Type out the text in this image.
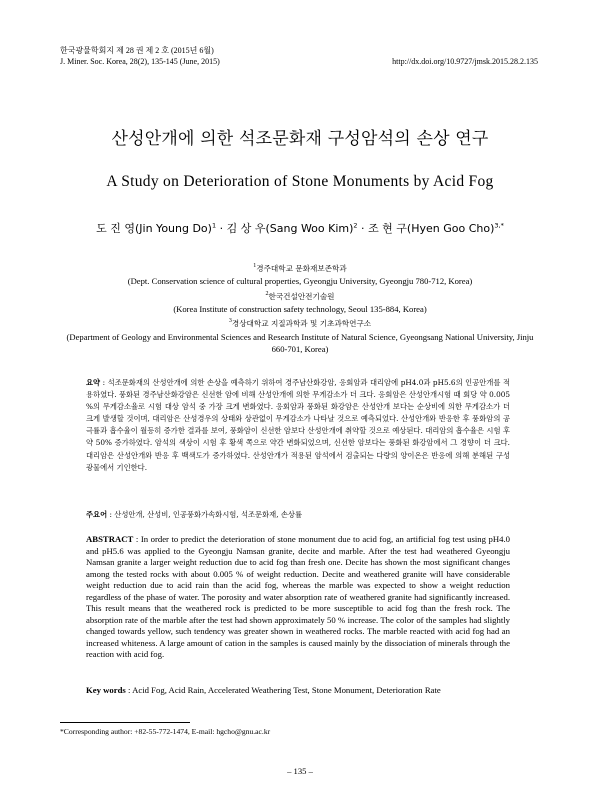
한국광물학회지 제 28 권 제 2 호 (2015년 6월)
J. Miner. Soc. Korea, 28(2), 135-145 (June, 2015)	http://dx.doi.org/10.9727/jmsk.2015.28.2.135
산성안개에 의한 석조문화재 구성암석의 손상 연구
A Study on Deterioration of Stone Monuments by Acid Fog
도 진 영(Jin Young Do)$^1$ · 김 상 우(Sang Woo Kim)$^2$ · 조 현 구(Hyen Goo Cho)$^{3,*}$
$^1$경주대학교 문화재보존학과
(Dept. Conservation science of cultural properties, Gyeongju University, Gyeongju 780-712, Korea)
$^2$한국건설안전기술원
(Korea Institute of construction safety technology, Seoul 135-884, Korea)
$^3$경상대학교 지질과학과 및 기초과학연구소
(Department of Geology and Environmental Sciences and Research Institute of Natural Science, Gyeongsang National University, Jinju 660-701, Korea)
요약 : 석조문화재의 산성안개에 의한 손상을 예측하기 위하여 경주남산화강암, 응회암과 대리암에 pH4.0과 pH5.6의 인공안개를 적용하였다. 풍화된 경주남산화강암은 신선한 암에 비해 산성안개에 의한 무게감소가 더 크다. 응회암은 산성안개시험 때 회당 약 0.005 %의 무게감소율로 시험 대상 암석 중 가장 크게 변화였다. 응회암과 풍화된 화강암은 산성안개 보다는 순상비에 의한 무게감소가 더 크게 발생할 것이며, 대리암은 산성경우의 상태와 상관없이 무게감소가 나타날 것으로 예측되었다. 산성안개와 반응한 후 풍화암의 공극률과 흡수율이 월등히 증가한 결과를 보여, 풍화암이 신선한 암보다 산성안개에 취약할 것으로 예상된다. 대리암의 흡수율은 시험 후 약 50% 증가하였다. 암석의 색상이 시험 후 황색 쪽으로 약간 변화되었으며, 신선한 암보다는 풍화된 화강암에서 그 경향이 더 크다. 대리암은 산성안개와 반응 후 백색도가 증가하였다. 산성안개가 적용된 암석에서 검출되는 다량의 양이온은 반응에 의해 분해된 구성광물에서 기인한다.
주요어 : 산성안개, 산성비, 인공풍화가속화시험, 석조문화재, 손상률
ABSTRACT : In order to predict the deterioration of stone monument due to acid fog, an artificial fog test using pH4.0 and pH5.6 was applied to the Gyeongju Namsan granite, decite and marble. After the test had weathered Gyeongju Namsan granite a larger weight reduction due to acid fog than fresh one. Decite has shown the most significant changes among the tested rocks with about 0.005 % of weight reduction. Decite and weathered granite will have considerable weight reduction due to acid rain than the acid fog, whereas the marble was expected to show a weight reduction regardless of the phase of water. The porosity and water absorption rate of weathered granite had significantly increased. This result means that the weathered rock is predicted to be more susceptible to acid fog than the fresh rock. The absorption rate of the marble after the test had shown approximately 50 % increase. The color of the samples had slightly changed towards yellow, such tendency was greater shown in weathered rocks. The marble reacted with acid fog had an increased whiteness. A large amount of cation in the samples is caused mainly by the dissociation of minerals through the reaction with acid fog.
Key words : Acid Fog, Acid Rain, Accelerated Weathering Test, Stone Monument, Deterioration Rate
*Corresponding author: +82-55-772-1474, E-mail: hgcho@gnu.ac.kr
– 135 –
